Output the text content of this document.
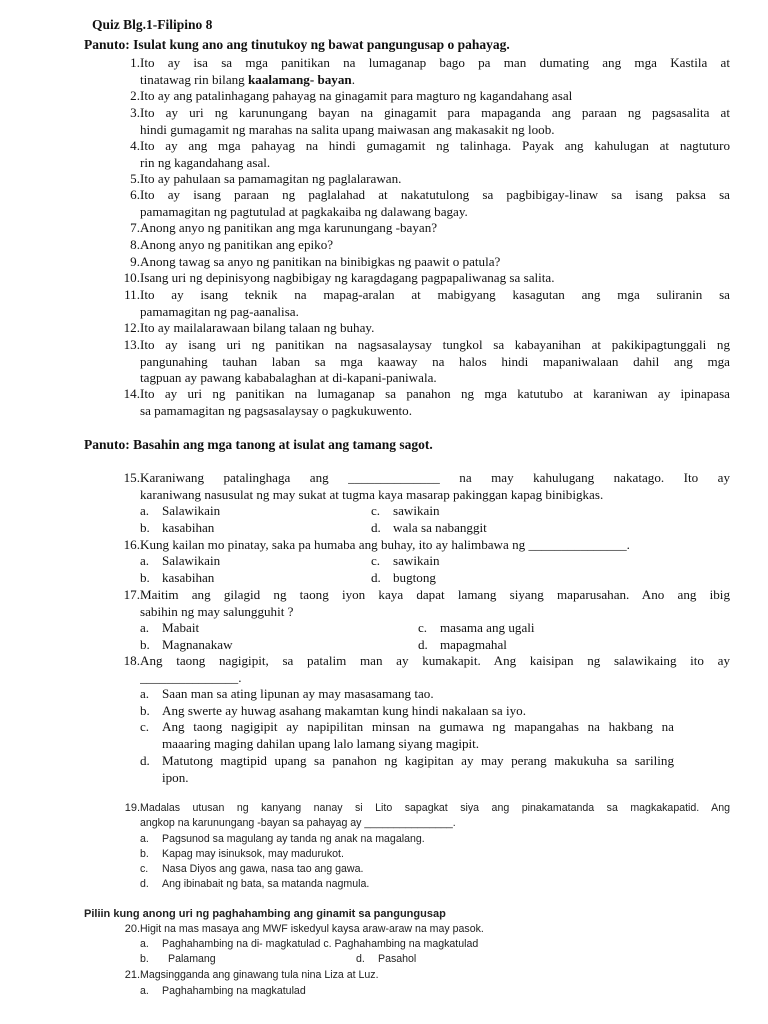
Quiz Blg.1-Filipino 8
Panuto: Isulat kung ano ang tinutukoy ng bawat pangungusap o pahayag.
1. Ito ay isa sa mga panitikan na lumaganap bago pa man dumating ang mga Kastila at
tinatawag rin bilang kaalamang- bayan.
2. Ito ay ang patalinhagang pahayag na ginagamit para magturo ng kagandahang asal
3. Ito ay uri ng karunungang bayan na ginagamit para mapaganda ang paraan ng pagsasalita at
hindi gumagamit ng marahas na salita upang maiwasan ang makasakit ng loob.
4. Ito ay ang mga pahayag na hindi gumagamit ng talinhaga. Payak ang kahulugan at nagtuturo
rin ng kagandahang asal.
5. Ito ay pahulaan sa pamamagitan ng paglalarawan.
6. Ito ay isang paraan ng paglalahad at nakatutulong sa pagbibigay-linaw sa isang paksa sa
pamamagitan ng pagtutulad at pagkakaiba ng dalawang bagay.
7. Anong anyo ng panitikan ang mga karunungang -bayan?
8. Anong anyo ng panitikan ang epiko?
9. Anong tawag sa anyo ng panitikan na binibigkas ng paawit o patula?
10. Isang uri ng depinisyong nagbibigay ng karagdagang pagpapaliwanag sa salita.
11. Ito ay isang teknik na mapag-aralan at mabigyang kasagutan ang mga suliranin sa
pamamagitan ng pag-aanalisa.
12. Ito ay mailalarawaan bilang talaan ng buhay.
13. Ito ay isang uri ng panitikan na nagsasalaysay tungkol sa kabayanihan at pakikipagtunggali ng
pangunahing tauhan laban sa mga kaaway na halos hindi mapaniwalaan dahil ang mga
tagpuan ay pawang kababalaghan at di-kapani-paniwala.
14. Ito ay uri ng panitikan na lumaganap sa panahon ng mga katutubo at karaniwan ay ipinapasa
sa pamamagitan ng pagsasalaysay o pagkukuwento.
Panuto: Basahin ang mga tanong at isulat ang tamang sagot.
15. Karaniwang patalinghaga ang ______________ na may kahulugang nakatago. Ito ay
karaniwang nasusulat ng may sukat at tugma kaya masarap pakinggan kapag binibigkas.
a. Salawikain	c. sawikain
b. kasabihan	d. wala sa nabanggit
16. Kung kailan mo pinatay, saka pa humaba ang buhay, ito ay halimbawa ng _______________.
a. Salawikain	c. sawikain
b. kasabihan	d. bugtong
17. Maitim ang gilagid ng taong iyon kaya dapat lamang siyang maparusahan. Ano ang ibig
sabihin ng may salungguhit ?
a. Mabait	c. masama ang ugali
b. Magnanakaw	d. mapagmahal
18. Ang taong nagigipit, sa patalim man ay kumakapit. Ang kaisipan ng salawikaing ito ay
_______________.
a. Saan man sa ating lipunan ay may masasamang tao.
b. Ang swerte ay huwag asahang makamtan kung hindi nakalaan sa iyo.
c. Ang taong nagigipit ay napipilitan minsan na gumawa ng mapangahas na hakbang na
maaaring maging dahilan upang lalo lamang siyang magipit.
d. Matutong magtipid upang sa panahon ng kagipitan ay may perang makukuha sa sariling
ipon.
19. Madalas utusan ng kanyang nanay si Lito sapagkat siya ang pinakamatanda sa magkakapatid. Ang
angkop na karunungang -bayan sa pahayag ay _______________.
a. Pagsunod sa magulang ay tanda ng anak na magalang.
b. Kapag may isinuksok, may madurukot.
c. Nasa Diyos ang gawa, nasa tao ang gawa.
d. Ang ibinabait ng bata, sa matanda nagmula.
Piliin kung anong uri ng paghahambing ang ginamit sa pangungusap
20. Higit na mas masaya ang MWF iskedyul kaysa araw-araw na may pasok.
a. Paghahambing na di- magkatulad c. Paghahambing na magkatulad
b. Palamang	d. Pasahol
21. Magsingganda ang ginawang tula nina Liza at Luz.
a. Paghahambing na magkatulad
